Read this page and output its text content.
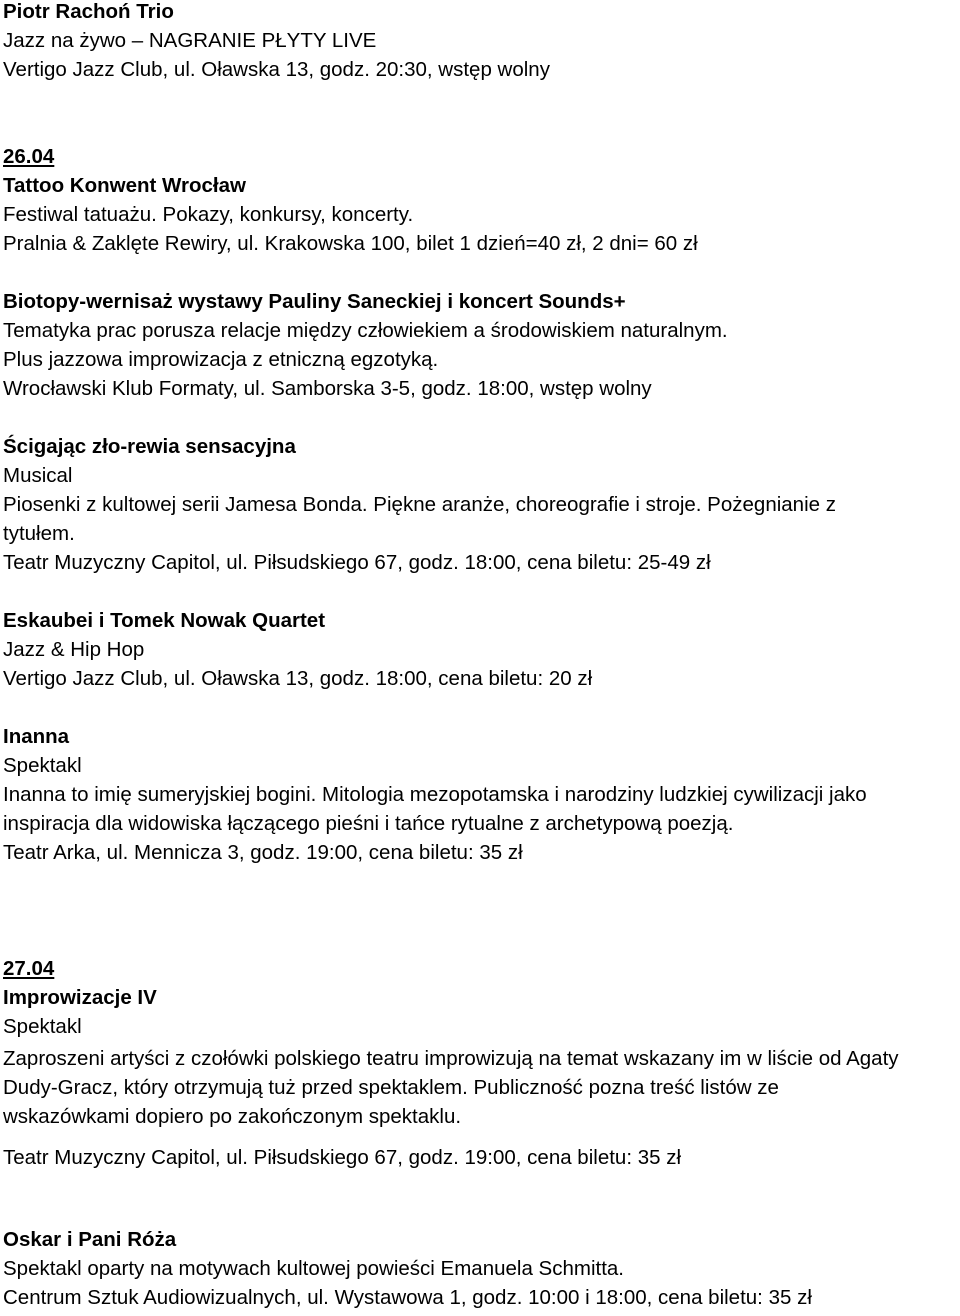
Piotr Rachoń Trio

Jazz na żywo – NAGRANIE PŁYTY LIVE

Vertigo Jazz Club, ul. Oławska 13, godz. 20:30, wstęp wolny

26.04

Tattoo Konwent Wrocław

Festiwal tatuażu. Pokazy, konkursy, koncerty.

Pralnia & Zaklęte Rewiry, ul. Krakowska 100, bilet 1 dzień=40 zł, 2 dni= 60 zł

Biotopy-wernisaż wystawy Pauliny Saneckiej i koncert Sounds+

Tematyka prac porusza relacje między człowiekiem a środowiskiem naturalnym.

Plus jazzowa improwizacja z etniczną egzotyką.

Wrocławski Klub Formaty, ul. Samborska 3-5, godz. 18:00, wstęp wolny

Ścigając zło-rewia sensacyjna

Musical

Piosenki z kultowej serii Jamesa Bonda. Piękne aranże, choreografie i stroje. Pożegnianie z

tytułem.

Teatr Muzyczny Capitol, ul. Piłsudskiego 67, godz. 18:00, cena biletu: 25-49 zł

Eskaubei i Tomek Nowak Quartet

Jazz & Hip Hop

Vertigo Jazz Club, ul. Oławska 13, godz. 18:00, cena biletu: 20 zł

Inanna

Spektakl

Inanna to imię sumeryjskiej bogini. Mitologia mezopotamska i narodziny ludzkiej cywilizacji jako

inspiracja dla widowiska łączącego pieśni i tańce rytualne z archetypową poezją.

Teatr Arka, ul. Mennicza 3, godz. 19:00, cena biletu: 35 zł

27.04

Improwizacje IV

Spektakl

Zaproszeni artyści z czołówki polskiego teatru improwizują na temat wskazany im w liście od Agaty

Dudy-Gracz, który otrzymują tuż przed spektaklem. Publiczność pozna treść listów ze

wskazówkami dopiero po zakończonym spektaklu.

Teatr Muzyczny Capitol, ul. Piłsudskiego 67, godz. 19:00, cena biletu: 35 zł

Oskar i Pani Róża

Spektakl oparty na motywach kultowej powieści Emanuela Schmitta.

Centrum Sztuk Audiowizualnych, ul. Wystawowa 1, godz. 10:00 i 18:00, cena biletu: 35 zł
